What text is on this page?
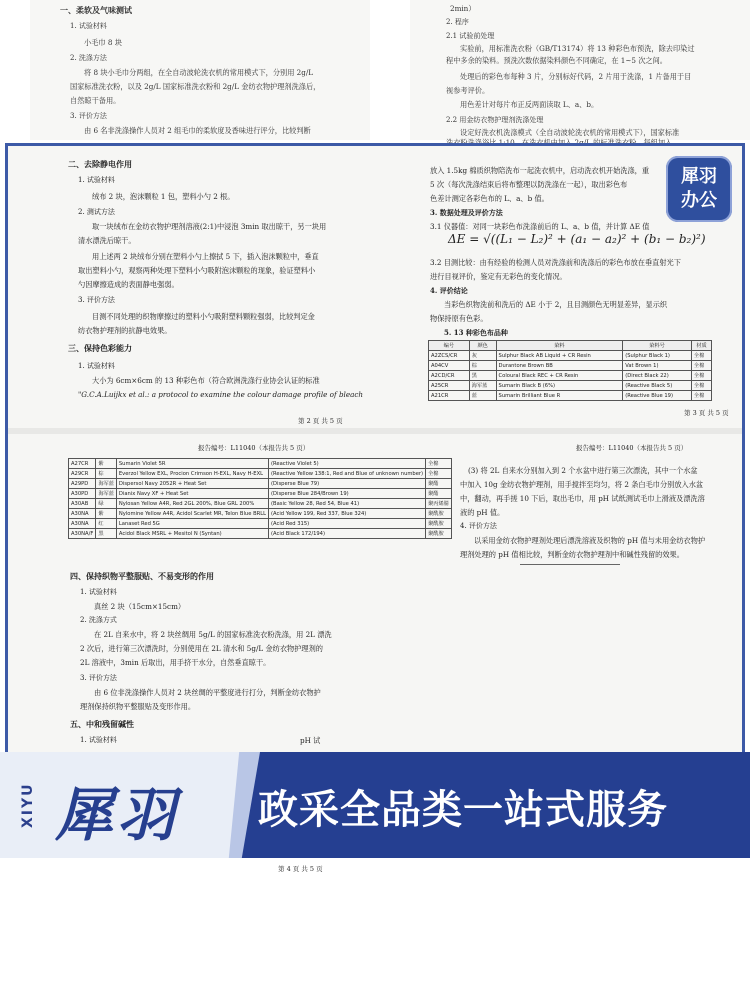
一、柔软及气味测试
1. 试验材料
小毛巾 8 块
2. 洗涤方法
将 8 块小毛巾分两组，在全自动波轮洗衣机的常用模式下，分别用 2g/L
国家标准洗衣粉，以及 2g/L 国家标准洗衣粉和 2g/L 金纺衣物护理剂洗涤后，
自然晾干备用。
3. 评价方法
由 6 名非洗涤操作人员对 2 组毛巾的柔软度及香味进行评分，比较判断
2min）
2. 程序
2.1 试验前处理
实验前，用标准洗衣粉（GB/T13174）将 13 种彩色布预洗，除去印染过
程中多余的染料。预洗次数依据染料颜色不同确定，在 1~5 次之间。
处理后的彩色布每种 3 片，分别标好代码，2 片用于洗涤，1 片备用于目
视参考评价。
用色差计对每片布正反两面读取 L、a、b。
2.2 用金纺衣物护理剂洗涤处理
设定好洗衣机洗涤模式（全自动波轮洗衣机的常用模式下），国家标准
二、去除静电作用
1. 试验材料
绒布 2 块，泡沫颗粒 1 包，塑料小勺 2 根。
2. 测试方法
取一块绒布在金纺衣物护理剂溶液(2:1)中浸泡 3min 取出晾干，另一块用
清水漂洗后晾干。
用上述两 2 块绒布分别在塑料小勺上擦拭 5 下，插入泡沫颗粒中，垂直
取出塑料小勺，观察两种处理下塑料小勺吸附泡沫颗粒的现象，验证塑料小
勺因摩擦造成的表面静电强弱。
3. 评价方法
目测不同处理的织物摩擦过的塑料小勺吸附塑料颗粒强弱，比较判定金
纺衣物护理剂的抗静电效果。
三、保持色彩能力
1. 试验材料
大小为 6cm×6cm 的 13 种彩色布（符合欧洲洗涤行业协会认证的标准
"G.C.A.Luijkx et al.: a protocol to examine the colour damage profile of bleach
第 2 页 共 5 页
放入 1.5kg 棉质织物陪洗布一起洗衣机中，启动洗衣机开始洗涤，重
5 次（每次洗涤结束后将布整理以防洗涤在一起），取出彩色布
色差计测定各彩色布的 L、a、b 值。
3. 数据处理及评价方法
3.1 仪器值：对同一块彩色布洗涤前后的 L、a、b 值，并计算 ΔE 值
ΔE = √((L₁ − L₂)² + (a₁ − a₂)² + (b₁ − b₂)²)
3.2 目测比较：由有经验的检测人员对洗涤前和洗涤后的彩色布放在垂直射光下
进行目视评价，鉴定有无彩色的变化情况。
4. 评价结论
当彩色织物洗前和洗后的 ΔE 小于 2，且目测颜色无明显差异，显示织
物保持原有色彩。
5. 13 种彩色布品种
编号	颜色	染料	染料号	材质
A2ZCS/CR	灰	Sulphur Black AB Liquid + CR Resin	(Sulphur Black 1)	全棉
A04CV	棕	Durantone Brown BB	Vat Brown 1)	全棉
A2CD/CR	黑	Coloural Black REC + CR Resin	(Direct Black 22)	全棉
A25CR	海军蓝	Sumarin Black B (6%)	(Reactive Black 5)	全棉
A21CR	蓝	Sumarin Brilliant Blue R	(Reactive Blue 19)	全棉
第 3 页 共 5 页
犀羽
办公
报告编号：L11040（本报告共 5 页）
A27CR	紫	Sumarin Violet 5R	(Reactive Violet 5)	全棉
A29CR	棕	Everzol Yellow EXL, Procion Crimson H-EXL, Navy H-EXL	(Reactive Yellow 138:1, Red and Blue of unknown number)	全棉
A29PD	海军蓝	Dispersol Navy 2052R + Heat Set	(Disperse Blue 79)	聚酯
A30PD	海军蓝	Dianix Navy XF + Heat Set	(Disperse Blue 284/Brown 19)	聚酯
A30AB	绿	Nylosan Yellow A4R, Red 2GL 200%, Blue GRL 200%	(Basic Yellow 28, Red 54, Blue 41)	聚丙烯腈
A30NA	紫	Nylomine Yellow A4R, Acidol Scarlet MR, Telon Blue BRLL	(Acid Yellow 199, Red 337, Blue 324)	聚酰胺
A30NA	红	Lanaset Red 5G	(Acid Red 315)	聚酰胺
A30NA/F	黑	Acidol Black MSRL + Mesitol N (Syntan)	(Acid Black 172/194)	聚酰胺
四、保持织物平整服贴、不易变形的作用
1. 试验材料
真丝 2 块（15cm×15cm）
2. 洗涤方式
在 2L 自来水中，将 2 块丝绸用 5g/L 的国家标准洗衣粉洗涤，用 2L 漂洗
2 次后，进行第三次漂洗时，分别使用在 2L 清水和 5g/L 金纺衣物护理剂的
2L 溶液中，3min 后取出，用手挤干水分，自然垂直晾干。
3. 评价方法
由 6 位非洗涤操作人员对 2 块丝绸的平整度进行打分，判断金纺衣物护
理剂保持织物平整服贴及变形作用。
五、中和残留碱性
1. 试验材料	pH 试
报告编号：L11040（本报告共 5 页）
(3) 将 2L 自来水分别加入到 2 个水盆中进行第三次漂洗，其中一个水盆
中加入 10g 金纺衣物护理剂，用手搅拌至均匀，将 2 条白毛巾分别放入水盆
中，翻动，再手搓 10 下后，取出毛巾，用 pH 试纸测试毛巾上滑液及漂洗溶
液的 pH 值。
4. 评价方法
以采用金纺衣物护理剂处理后漂洗溶液及织物的 pH 值与未用金纺衣物护
理剂处理的 pH 值相比较，判断金纺衣物护理剂中和碱性残留的效果。
XIYU 犀羽 政采全品类一站式服务
第 4 页 共 5 页
